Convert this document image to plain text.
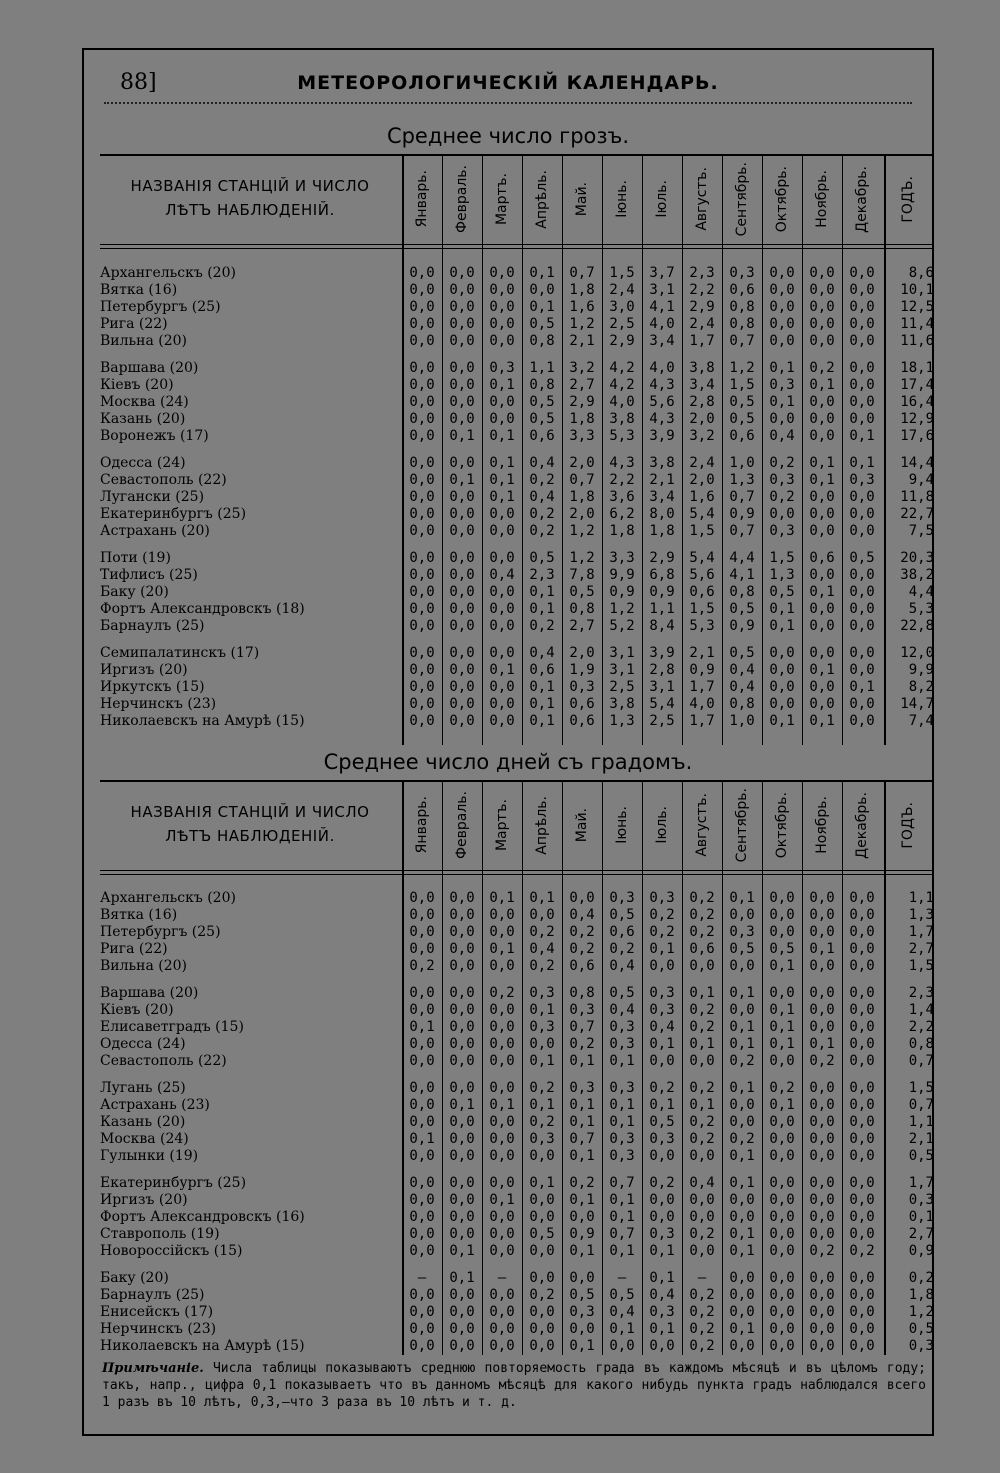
88]	МЕТЕОРОЛОГИЧЕСКІЙ КАЛЕНДАРЬ.
Среднее число грозъ.
Среднее число дней съ градомъ.
НАЗВАНІЯ СТАНЦІЙ И ЧИСЛО
ЛѢТЪ НАБЛЮДЕНІЙ.	Январь. Февраль. Мартъ. Апрѣль. Май. Іюнь. Іюль. Августъ. Сентябрь. Октябрь. Ноябрь. Декабрь. ГОДЪ.
Архангельскъ (20)	0,0	0,0	0,0	0,1	0,7	1,5	3,7	2,3	0,3	0,0	0,0	0,0	8,6
Вятка (16)	0,0	0,0	0,0	0,0	1,8	2,4	3,1	2,2	0,6	0,0	0,0	0,0	10,1
Петербургъ (25)	0,0	0,0	0,0	0,1	1,6	3,0	4,1	2,9	0,8	0,0	0,0	0,0	12,5
Рига (22)	0,0	0,0	0,0	0,5	1,2	2,5	4,0	2,4	0,8	0,0	0,0	0,0	11,4
Вильна (20)	0,0	0,0	0,0	0,8	2,1	2,9	3,4	1,7	0,7	0,0	0,0	0,0	11,6
Варшава (20)	0,0	0,0	0,3	1,1	3,2	4,2	4,0	3,8	1,2	0,1	0,2	0,0	18,1
Кіевъ (20)	0,0	0,0	0,1	0,8	2,7	4,2	4,3	3,4	1,5	0,3	0,1	0,0	17,4
Москва (24)	0,0	0,0	0,0	0,5	2,9	4,0	5,6	2,8	0,5	0,1	0,0	0,0	16,4
Казань (20)	0,0	0,0	0,0	0,5	1,8	3,8	4,3	2,0	0,5	0,0	0,0	0,0	12,9
Воронежъ (17)	0,0	0,1	0,1	0,6	3,3	5,3	3,9	3,2	0,6	0,4	0,0	0,1	17,6
Одесса (24)	0,0	0,0	0,1	0,4	2,0	4,3	3,8	2,4	1,0	0,2	0,1	0,1	14,4
Севастополь (22)	0,0	0,1	0,1	0,2	0,7	2,2	2,1	2,0	1,3	0,3	0,1	0,3	9,4
Лугански (25)	0,0	0,0	0,1	0,4	1,8	3,6	3,4	1,6	0,7	0,2	0,0	0,0	11,8
Екатеринбургъ (25)	0,0	0,0	0,0	0,2	2,0	6,2	8,0	5,4	0,9	0,0	0,0	0,0	22,7
Астрахань (20)	0,0	0,0	0,0	0,2	1,2	1,8	1,8	1,5	0,7	0,3	0,0	0,0	7,5
Поти (19)	0,0	0,0	0,0	0,5	1,2	3,3	2,9	5,4	4,4	1,5	0,6	0,5	20,3
Тифлисъ (25)	0,0	0,0	0,4	2,3	7,8	9,9	6,8	5,6	4,1	1,3	0,0	0,0	38,2
Баку (20)	0,0	0,0	0,0	0,1	0,5	0,9	0,9	0,6	0,8	0,5	0,1	0,0	4,4
Фортъ Александровскъ (18)	0,0	0,0	0,0	0,1	0,8	1,2	1,1	1,5	0,5	0,1	0,0	0,0	5,3
Барнаулъ (25)	0,0	0,0	0,0	0,2	2,7	5,2	8,4	5,3	0,9	0,1	0,0	0,0	22,8
Семипалатинскъ (17)	0,0	0,0	0,0	0,4	2,0	3,1	3,9	2,1	0,5	0,0	0,0	0,0	12,0
Иргизъ (20)	0,0	0,0	0,1	0,6	1,9	3,1	2,8	0,9	0,4	0,0	0,1	0,0	9,9
Иркутскъ (15)	0,0	0,0	0,0	0,1	0,3	2,5	3,1	1,7	0,4	0,0	0,0	0,1	8,2
Нерчинскъ (23)	0,0	0,0	0,0	0,1	0,6	3,8	5,4	4,0	0,8	0,0	0,0	0,0	14,7
Николаевскъ на Амурѣ (15)	0,0	0,0	0,0	0,1	0,6	1,3	2,5	1,7	1,0	0,1	0,1	0,0	7,4
НАЗВАНІЯ СТАНЦІЙ И ЧИСЛО
ЛѢТЪ НАБЛЮДЕНІЙ.	Январь. Февраль. Мартъ. Апрѣль. Май. Іюнь. Іюль. Августъ. Сентябрь. Октябрь. Ноябрь. Декабрь. ГОДЪ.
Архангельскъ (20)	0,0	0,0	0,1	0,1	0,0	0,3	0,3	0,2	0,1	0,0	0,0	0,0	1,1
Вятка (16)	0,0	0,0	0,0	0,0	0,4	0,5	0,2	0,2	0,0	0,0	0,0	0,0	1,3
Петербургъ (25)	0,0	0,0	0,0	0,2	0,2	0,6	0,2	0,2	0,3	0,0	0,0	0,0	1,7
Рига (22)	0,0	0,0	0,1	0,4	0,2	0,2	0,1	0,6	0,5	0,5	0,1	0,0	2,7
Вильна (20)	0,2	0,0	0,0	0,2	0,6	0,4	0,0	0,0	0,0	0,1	0,0	0,0	1,5
Варшава (20)	0,0	0,0	0,2	0,3	0,8	0,5	0,3	0,1	0,1	0,0	0,0	0,0	2,3
Кіевъ (20)	0,0	0,0	0,0	0,1	0,3	0,4	0,3	0,2	0,0	0,1	0,0	0,0	1,4
Елисаветградъ (15)	0,1	0,0	0,0	0,3	0,7	0,3	0,4	0,2	0,1	0,1	0,0	0,0	2,2
Одесса (24)	0,0	0,0	0,0	0,0	0,2	0,3	0,1	0,1	0,1	0,1	0,1	0,0	0,8
Севастополь (22)	0,0	0,0	0,0	0,1	0,1	0,1	0,0	0,0	0,2	0,0	0,2	0,0	0,7
Лугань (25)	0,0	0,0	0,0	0,2	0,3	0,3	0,2	0,2	0,1	0,2	0,0	0,0	1,5
Астрахань (23)	0,0	0,1	0,1	0,1	0,1	0,1	0,1	0,1	0,0	0,1	0,0	0,0	0,7
Казань (20)	0,0	0,0	0,0	0,2	0,1	0,1	0,5	0,2	0,0	0,0	0,0	0,0	1,1
Москва (24)	0,1	0,0	0,0	0,3	0,7	0,3	0,3	0,2	0,2	0,0	0,0	0,0	2,1
Гулынки (19)	0,0	0,0	0,0	0,0	0,1	0,3	0,0	0,0	0,1	0,0	0,0	0,0	0,5
Екатеринбургъ (25)	0,0	0,0	0,0	0,1	0,2	0,7	0,2	0,4	0,1	0,0	0,0	0,0	1,7
Иргизъ (20)	0,0	0,0	0,1	0,0	0,1	0,1	0,0	0,0	0,0	0,0	0,0	0,0	0,3
Фортъ Александровскъ (16)	0,0	0,0	0,0	0,0	0,0	0,1	0,0	0,0	0,0	0,0	0,0	0,0	0,1
Ставрополь (19)	0,0	0,0	0,0	0,5	0,9	0,7	0,3	0,2	0,1	0,0	0,0	0,0	2,7
Новороссійскъ (15)	0,0	0,1	0,0	0,0	0,1	0,1	0,1	0,0	0,1	0,0	0,2	0,2	0,9
Баку (20)	—	0,1	—	0,0	0,0	—	0,1	—	0,0	0,0	0,0	0,0	0,2
Барнаулъ (25)	0,0	0,0	0,0	0,2	0,5	0,5	0,4	0,2	0,0	0,0	0,0	0,0	1,8
Енисейскъ (17)	0,0	0,0	0,0	0,0	0,3	0,4	0,3	0,2	0,0	0,0	0,0	0,0	1,2
Нерчинскъ (23)	0,0	0,0	0,0	0,0	0,0	0,1	0,1	0,2	0,1	0,0	0,0	0,0	0,5
Николаевскъ на Амурѣ (15)	0,0	0,0	0,0	0,0	0,1	0,0	0,0	0,2	0,0	0,0	0,0	0,0	0,3
Примѣчаніе. Числа таблицы показываютъ среднюю повторяемость града въ каждомъ мѣсяцѣ и въ цѣломъ году; такъ, напр., цифра 0,1 показываетъ что въ данномъ мѣсяцѣ для какого нибудь пункта градъ наблюдался всего 1 разъ въ 10 лѣтъ, 0,3,—что 3 раза въ 10 лѣтъ и т. д.
